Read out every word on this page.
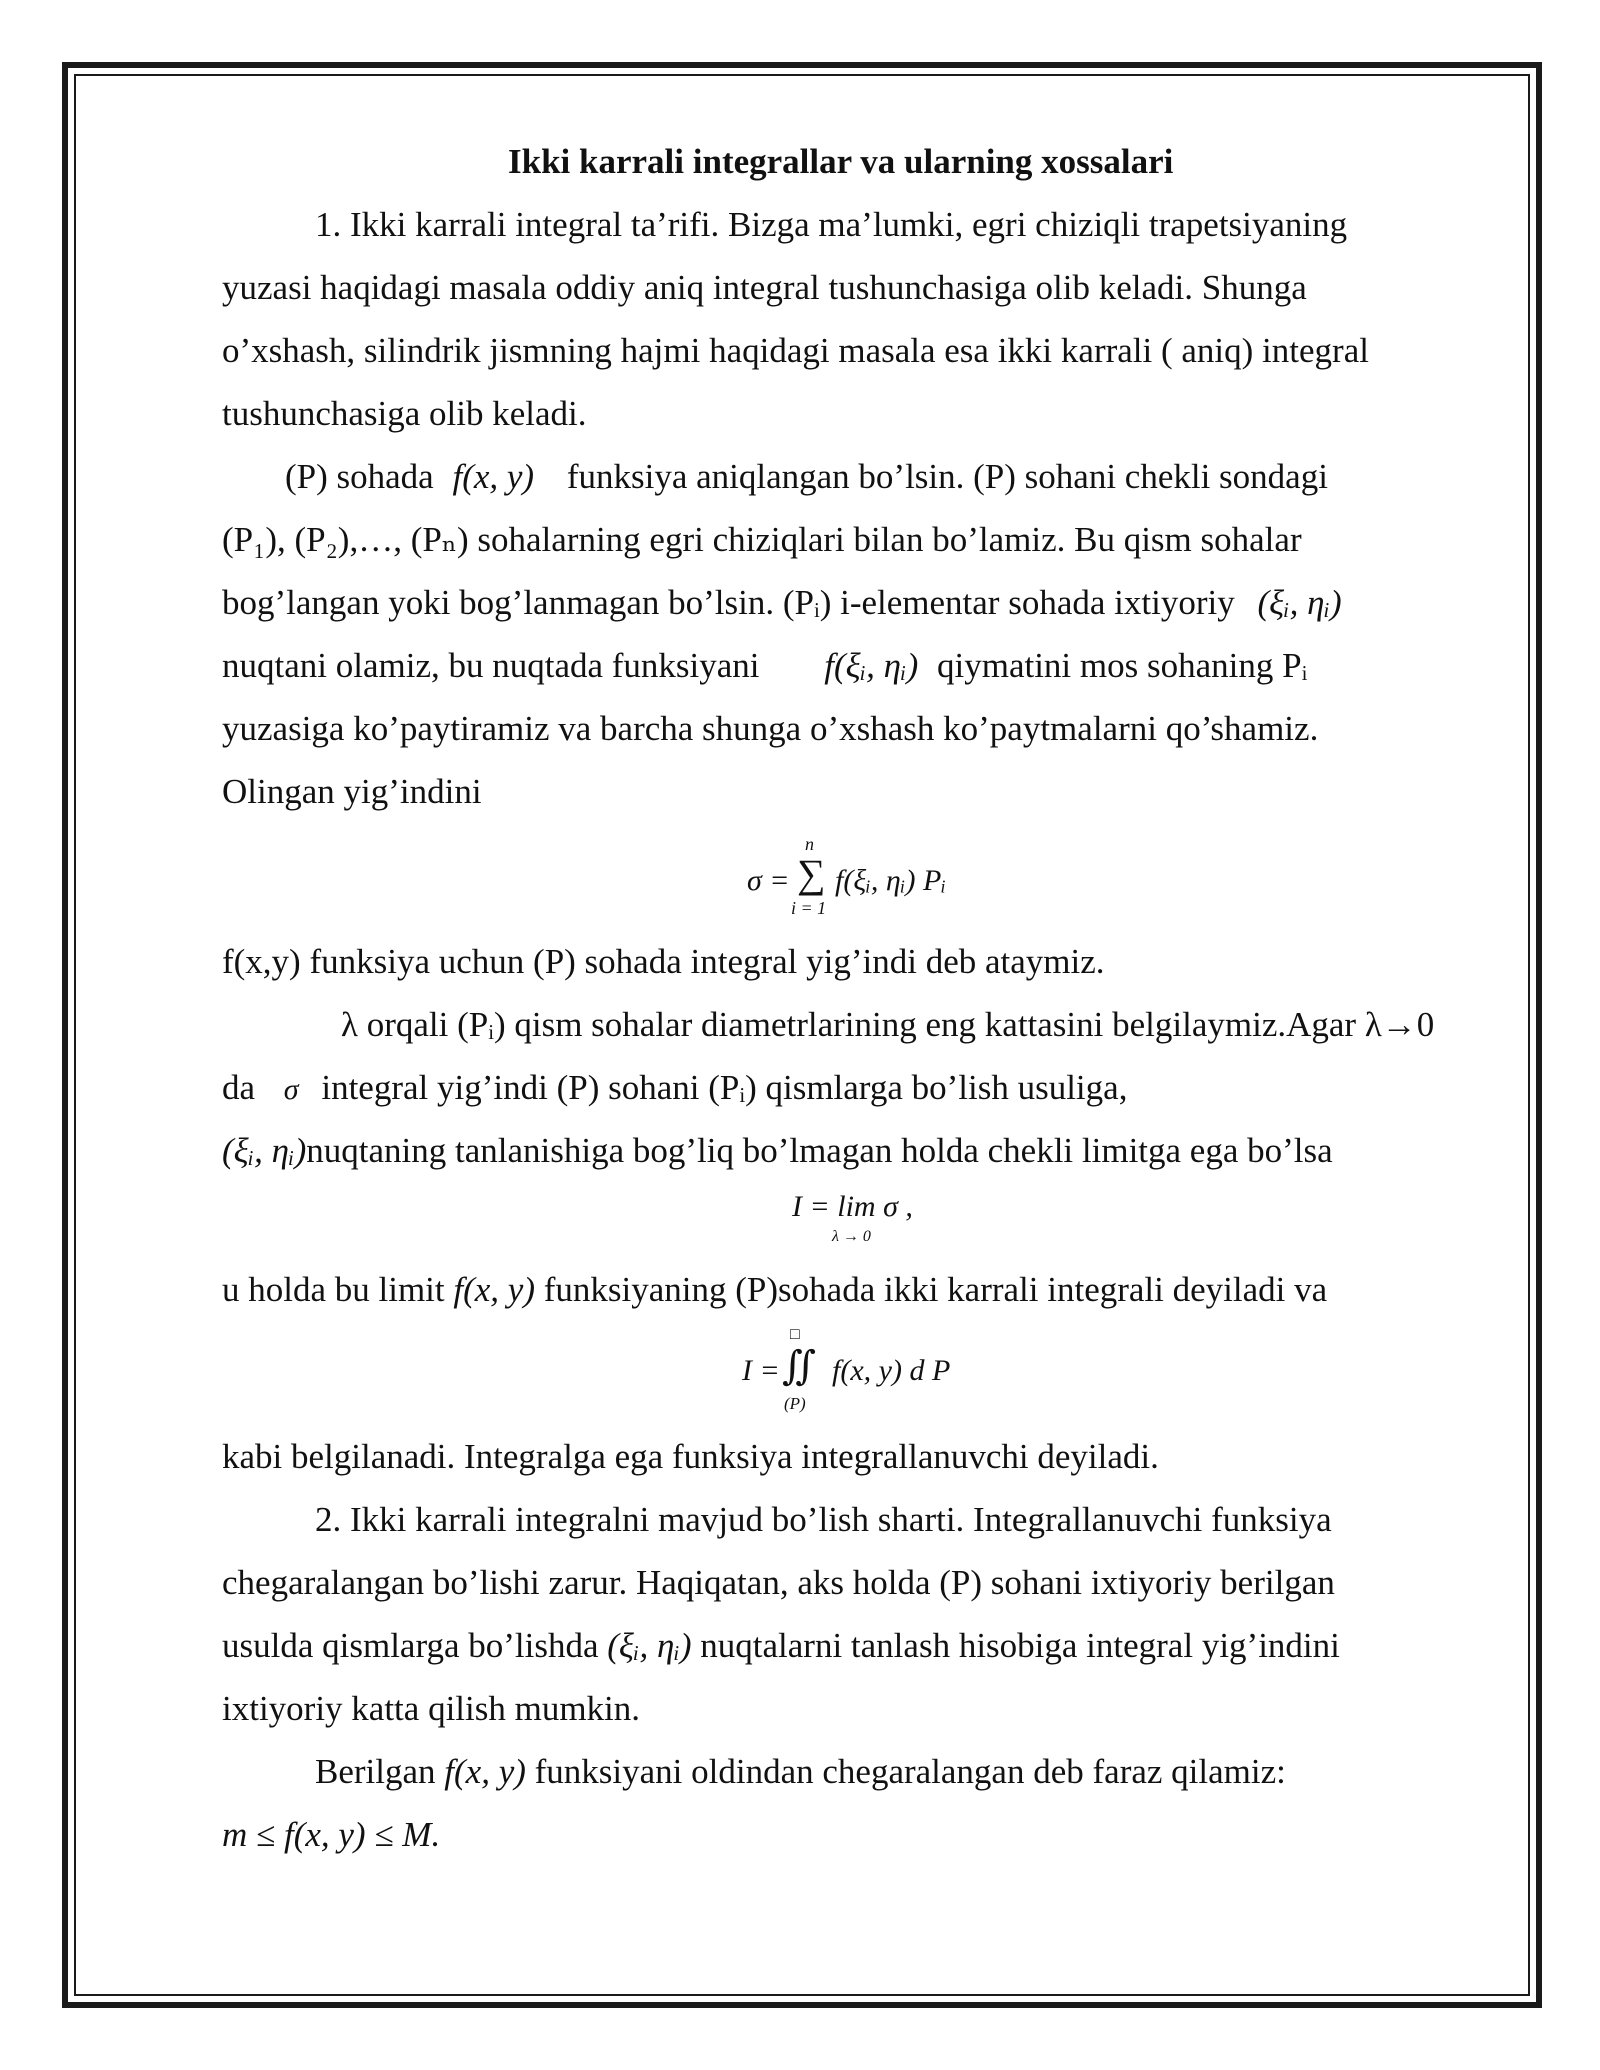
Ikki karrali integrallar va ularning xossalari
1. Ikki karrali integral ta’rifi. Bizga ma’lumki, egri chiziqli trapetsiyaning
yuzasi haqidagi masala oddiy aniq integral tushunchasiga olib keladi. Shunga
o’xshash, silindrik jismning hajmi haqidagi masala esa ikki karrali ( aniq) integral
tushunchasiga olib keladi.
(P) sohada f(x, y) funksiya aniqlangan bo’lsin. (P) sohani chekli sondagi
(P₁), (P₂),…, (Pₙ) sohalarning egri chiziqlari bilan bo’lamiz. Bu qism sohalar
bog’langan yoki bog’lanmagan bo’lsin. (Pᵢ) i-elementar sohada ixtiyoriy (ξᵢ, ηᵢ)
nuqtani olamiz, bu nuqtada funksiyani f(ξᵢ, ηᵢ) qiymatini mos sohaning Pᵢ
yuzasiga ko’paytiramiz va barcha shunga o’xshash ko’paytmalarni qo’shamiz.
Olingan yig’indini
σ =
n
∑
i = 1
f(ξᵢ, ηᵢ) Pᵢ
f(x,y) funksiya uchun (P) sohada integral yig’indi deb ataymiz.
λ orqali (Pᵢ) qism sohalar diametrlarining eng kattasini belgilaymiz.Agar λ→0
da σ integral yig’indi (P) sohani (Pᵢ) qismlarga bo’lish usuliga,
(ξᵢ, ηᵢ)nuqtaning tanlanishiga bog’liq bo’lmagan holda chekli limitga ega bo’lsa
I = lim σ ,
λ → 0
u holda bu limit f(x, y) funksiyaning (P)sohada ikki karrali integrali deyiladi va
I =
□
∬
(P)
f(x, y) d P
kabi belgilanadi. Integralga ega funksiya integrallanuvchi deyiladi.
2. Ikki karrali integralni mavjud bo’lish sharti. Integrallanuvchi funksiya
chegaralangan bo’lishi zarur. Haqiqatan, aks holda (P) sohani ixtiyoriy berilgan
usulda qismlarga bo’lishda (ξᵢ, ηᵢ) nuqtalarni tanlash hisobiga integral yig’indini
ixtiyoriy katta qilish mumkin.
Berilgan f(x, y) funksiyani oldindan chegaralangan deb faraz qilamiz:
m ≤ f(x, y) ≤ M.
